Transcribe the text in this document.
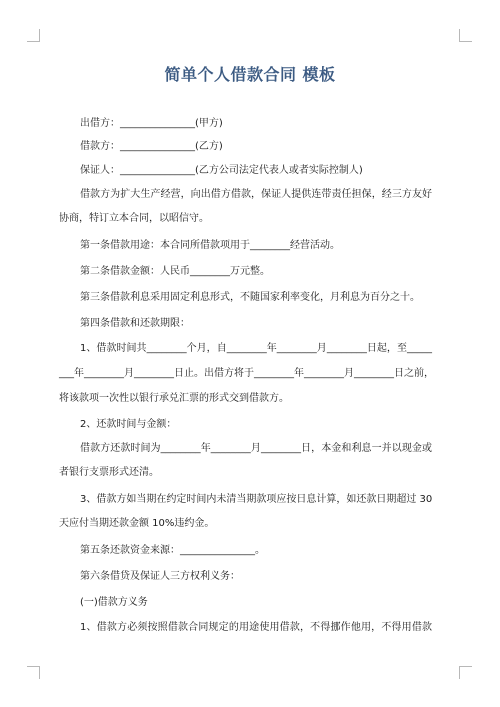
简单个人借款合同 模板
出借方：_______________(甲方)
借款方：_______________(乙方)
保证人：_______________(乙方公司法定代表人或者实际控制人)
借款方为扩大生产经营，向出借方借款，保证人提供连带责任担保，经三方友好
协商，特订立本合同，以昭信守。
第一条借款用途：本合同所借款项用于________经营活动。
第二条借款金额：人民币________万元整。
第三条借款利息采用固定利息形式，不随国家利率变化，月利息为百分之十。
第四条借款和还款期限：
1、借款时间共________个月，自________年________月________日起，至_____
___年________月________日止。出借方将于________年________月________日之前，
将该款项一次性以银行承兑汇票的形式交到借款方。
2、还款时间与金额：
借款方还款时间为________年________月________日，本金和利息一并以现金或
者银行支票形式还清。
3、借款方如当期在约定时间内未清当期款项应按日息计算，如还款日期超过 30
天应付当期还款金额 10%违约金。
第五条还款资金来源：_______________。
第六条借贷及保证人三方权利义务：
(一)借款方义务
1、借款方必须按照借款合同规定的用途使用借款，不得挪作他用，不得用借款
